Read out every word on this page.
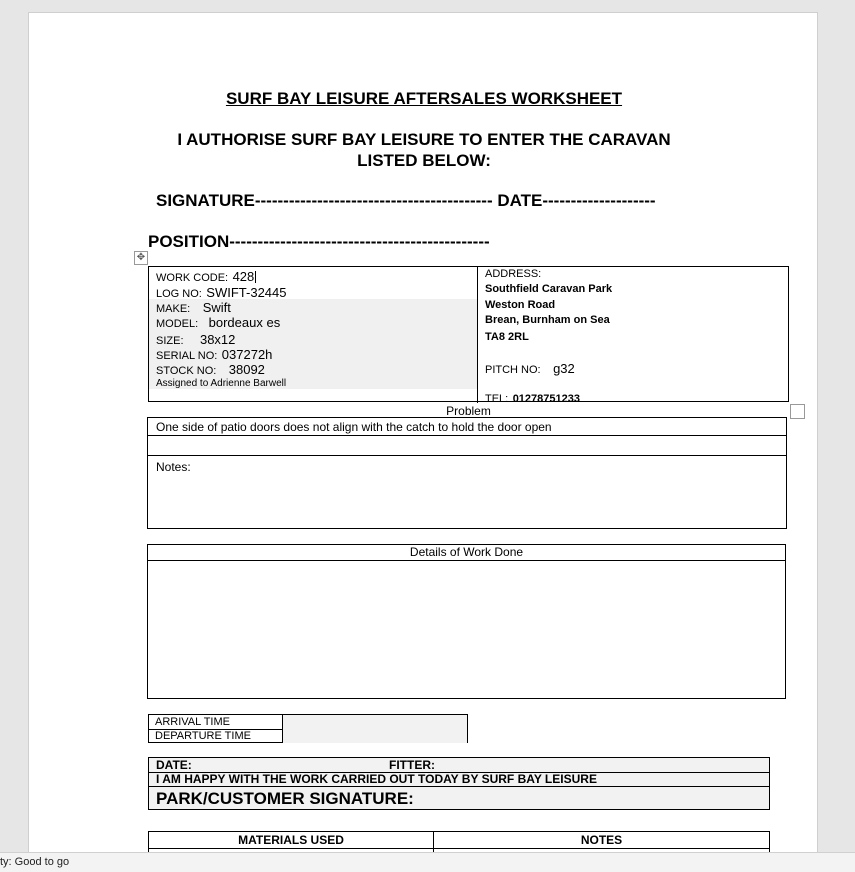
SURF BAY LEISURE AFTERSALES WORKSHEET
I AUTHORISE SURF BAY LEISURE TO ENTER THE CARAVAN
LISTED BELOW:
SIGNATURE------------------------------------------ DATE--------------------
POSITION----------------------------------------------
✥
WORK CODE: 428
LOG NO: SWIFT-32445
MAKE: Swift
MODEL: bordeaux es
SIZE: 38x12
SERIAL NO: 037272h
STOCK NO: 38092
Assigned to Adrienne Barwell
ADDRESS:
Southfield Caravan Park
Weston Road
Brean, Burnham on Sea
TA8 2RL
PITCH NO: g32
TEL: 01278751233
Problem
One side of patio doors does not align with the catch to hold the door open
Notes:
Details of Work Done
ARRIVAL TIME
DEPARTURE TIME
DATE:	FITTER:
I AM HAPPY WITH THE WORK CARRIED OUT TODAY BY SURF BAY LEISURE
PARK/CUSTOMER SIGNATURE:
MATERIALS USED	NOTES
ty: Good to go
